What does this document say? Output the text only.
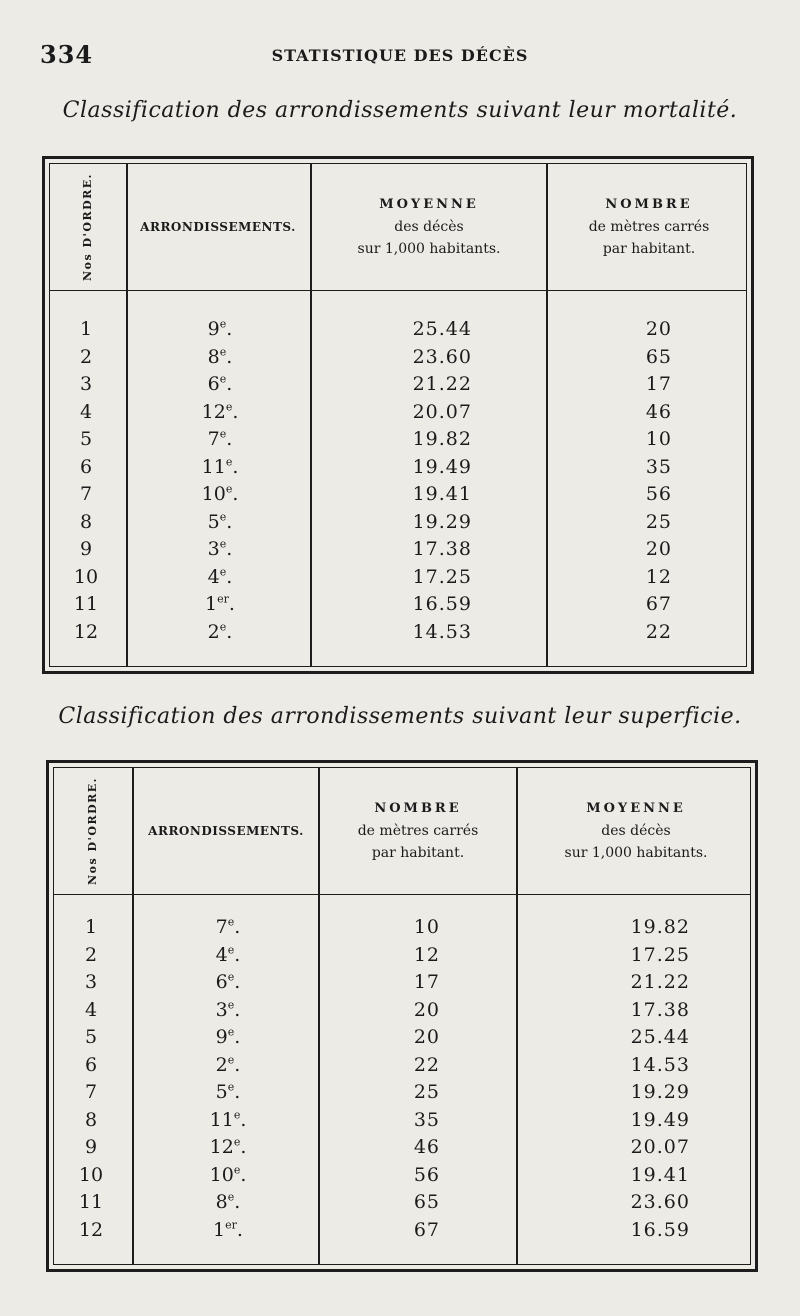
334	STATISTIQUE DES DÉCÈS
Classification des arrondissements suivant leur mortalité.
Nos D'ORDRE.	ARRONDISSEMENTS.
MOYENNE
des décès
sur 1,000 habitants.
NOMBRE
de mètres carrés
par habitant.
1	9e.	25.44	20
2	8e.	23.60	65
3	6e.	21.22	17
4	12e.	20.07	46
5	7e.	19.82	10
6	11e.	19.49	35
7	10e.	19.41	56
8	5e.	19.29	25
9	3e.	17.38	20
10	4e.	17.25	12
11	1er.	16.59	67
12	2e.	14.53	22
Classification des arrondissements suivant leur superficie.
Nos D'ORDRE.	ARRONDISSEMENTS.
NOMBRE
de mètres carrés
par habitant.
MOYENNE
des décès
sur 1,000 habitants.
1	7e.	10	19.82
2	4e.	12	17.25
3	6e.	17	21.22
4	3e.	20	17.38
5	9e.	20	25.44
6	2e.	22	14.53
7	5e.	25	19.29
8	11e.	35	19.49
9	12e.	46	20.07
10	10e.	56	19.41
11	8e.	65	23.60
12	1er.	67	16.59
